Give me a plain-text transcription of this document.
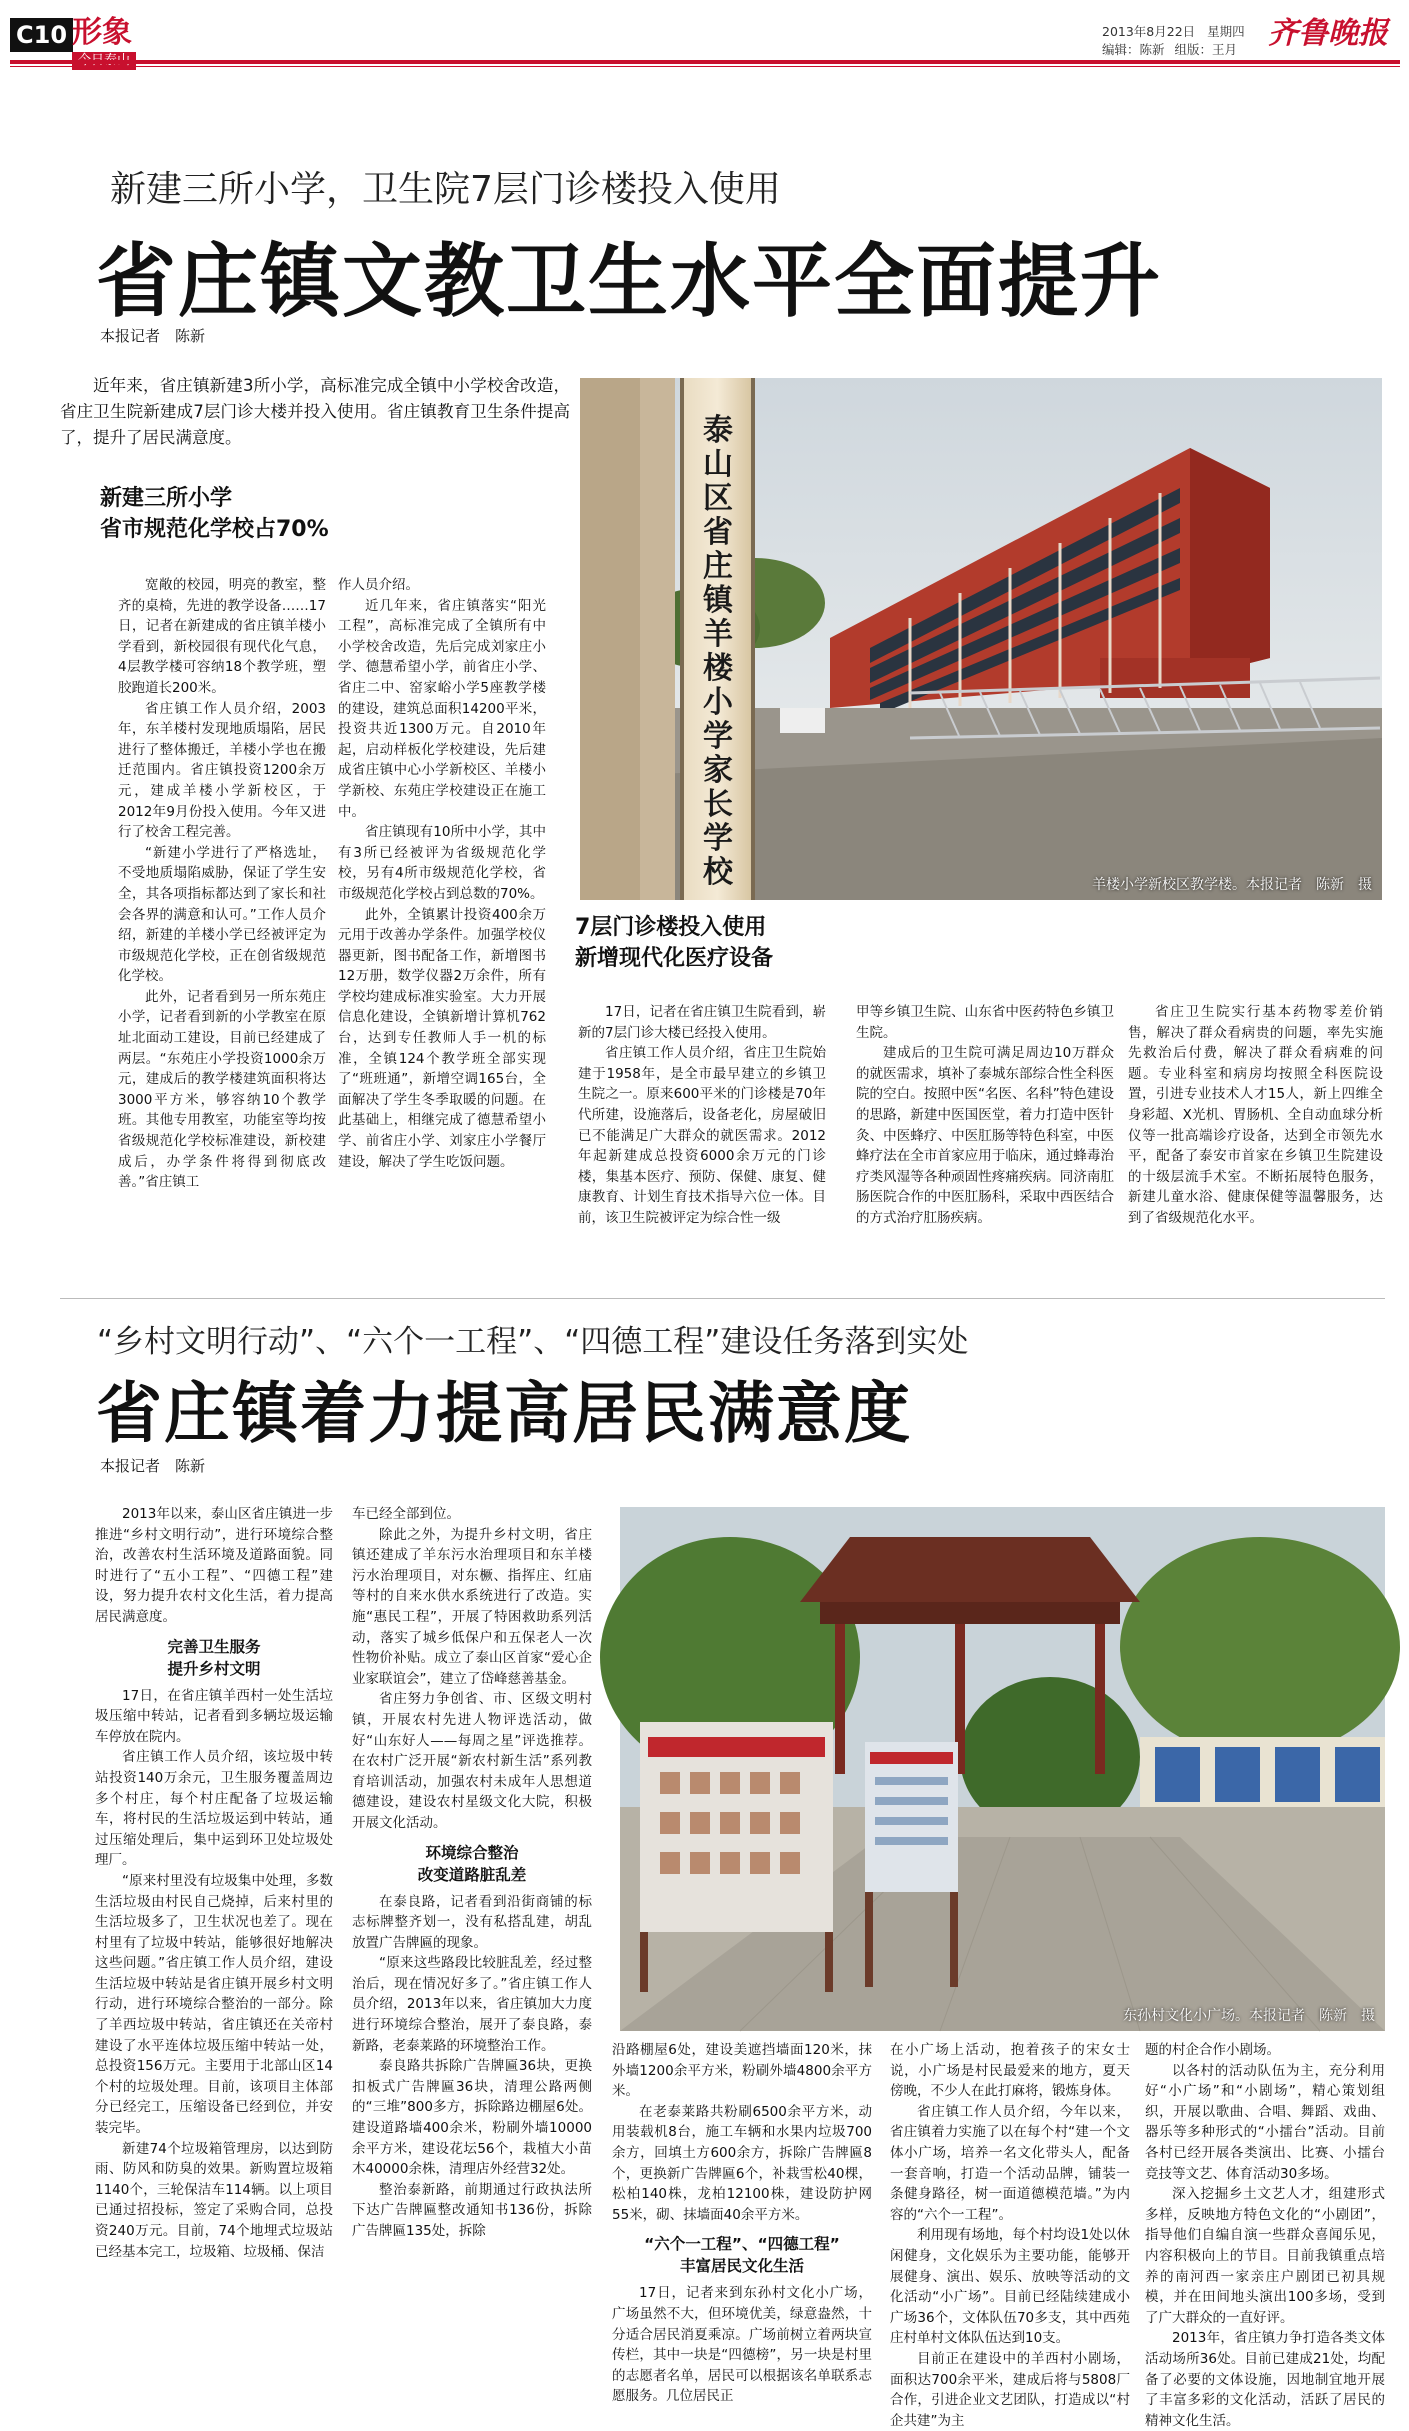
C10 形象	2013年8月22日 星期四
编辑：陈新 组版：王月 齐鲁晚报
新建三所小学，卫生院7层门诊楼投入使用
省庄镇文教卫生水平全面提升
本报记者　陈新

近年来，省庄镇新建3所小学，高标准完成全镇中小学校舍改造，省庄卫生院新建成7层门诊大楼并投入使用。省庄镇教育卫生条件提高了，提升了居民满意度。

新建三所小学
省市规范化学校占70%

宽敞的校园，明亮的教室，整齐的桌椅，先进的教学设备……17日，记者在新建成的省庄镇羊楼小学看到，新校园很有现代化气息，4层教学楼可容纳18个教学班，塑胶跑道长200米。

省庄镇工作人员介绍，2003年，东羊楼村发现地质塌陷，居民进行了整体搬迁，羊楼小学也在搬迁范围内。省庄镇投资1200余万元，建成羊楼小学新校区，于2012年9月份投入使用。今年又进行了校舍工程完善。

“新建小学进行了严格选址，不受地质塌陷威胁，保证了学生安全，其各项指标都达到了家长和社会各界的满意和认可。”工作人员介绍，新建的羊楼小学已经被评定为市级规范化学校，正在创省级规范化学校。

此外，记者看到另一所东苑庄小学，记者看到新的小学教室在原址北面动工建设，目前已经建成了两层。“东苑庄小学投资1000余万元，建成后的教学楼建筑面积将达3000平方米，够容纳10个教学班。其他专用教室，功能室等均按省级规范化学校标准建设，新校建成后，办学条件将得到彻底改善。”省庄镇工

作人员介绍。

近几年来，省庄镇落实“阳光工程”，高标准完成了全镇所有中小学校舍改造，先后完成刘家庄小学、德慧希望小学，前省庄小学、省庄二中、窑家峪小学5座教学楼的建设，建筑总面积14200平米，投资共近1300万元。自2010年起，启动样板化学校建设，先后建成省庄镇中心小学新校区、羊楼小学新校、东苑庄学校建设正在施工中。

省庄镇现有10所中小学，其中有3所已经被评为省级规范化学校，另有4所市级规范化学校，省市级规范化学校占到总数的70%。

此外，全镇累计投资400余万元用于改善办学条件。加强学校仪器更新，图书配备工作，新增图书12万册，数学仪器2万余件，所有学校均建成标准实验室。大力开展信息化建设，全镇新增计算机762台，达到专任教师人手一机的标准，全镇124个教学班全部实现了“班班通”，新增空调165台，全面解决了学生冬季取暖的问题。在此基础上，相继完成了德慧希望小学、前省庄小学、刘家庄小学餐厅建设，解决了学生吃饭问题。

泰山区省庄镇羊楼小学家长学校	羊楼小学新校区教学楼。本报记者　陈新　摄
7层门诊楼投入使用
新增现代化医疗设备

17日，记者在省庄镇卫生院看到，崭新的7层门诊大楼已经投入使用。

省庄镇工作人员介绍，省庄卫生院始建于1958年，是全市最早建立的乡镇卫生院之一。原来600平米的门诊楼是70年代所建，设施落后，设备老化，房屋破旧已不能满足广大群众的就医需求。2012年起新建成总投资6000余万元的门诊楼，集基本医疗、预防、保健、康复、健康教育、计划生育技术指导六位一体。目前，该卫生院被评定为综合性一级

甲等乡镇卫生院、山东省中医药特色乡镇卫生院。

建成后的卫生院可满足周边10万群众的就医需求，填补了泰城东部综合性全科医院的空白。按照中医“名医、名科”特色建设的思路，新建中医国医堂，着力打造中医针灸、中医蜂疗、中医肛肠等特色科室，中医蜂疗法在全市首家应用于临床，通过蜂毒治疗类风湿等各种顽固性疼痛疾病。同济南肛肠医院合作的中医肛肠科，采取中西医结合的方式治疗肛肠疾病。

省庄卫生院实行基本药物零差价销售，解决了群众看病贵的问题，率先实施先救治后付费，解决了群众看病难的问题。专业科室和病房均按照全科医院设置，引进专业技术人才15人，新上四维全身彩超、X光机、胃肠机、全自动血球分析仪等一批高端诊疗设备，达到全市领先水平，配备了泰安市首家在乡镇卫生院建设的十级层流手术室。不断拓展特色服务，新建儿童水浴、健康保健等温馨服务，达到了省级规范化水平。

“乡村文明行动”、“六个一工程”、“四德工程”建设任务落到实处
省庄镇着力提高居民满意度
本报记者　陈新

2013年以来，泰山区省庄镇进一步推进“乡村文明行动”，进行环境综合整治，改善农村生活环境及道路面貌。同时进行了“五小工程”、“四德工程”建设，努力提升农村文化生活，着力提高居民满意度。

完善卫生服务
提升乡村文明

17日，在省庄镇羊西村一处生活垃圾压缩中转站，记者看到多辆垃圾运输车停放在院内。

省庄镇工作人员介绍，该垃圾中转站投资140万余元，卫生服务覆盖周边多个村庄，每个村庄配备了垃圾运输车，将村民的生活垃圾运到中转站，通过压缩处理后，集中运到环卫处垃圾处理厂。

“原来村里没有垃圾集中处理，多数生活垃圾由村民自己烧掉，后来村里的生活垃圾多了，卫生状况也差了。现在村里有了垃圾中转站，能够很好地解决这些问题。”省庄镇工作人员介绍，建设生活垃圾中转站是省庄镇开展乡村文明行动，进行环境综合整治的一部分。除了羊西垃圾中转站，省庄镇还在关帝村建设了水平连体垃圾压缩中转站一处，总投资156万元。主要用于北部山区14个村的垃圾处理。目前，该项目主体部分已经完工，压缩设备已经到位，并安装完毕。

新建74个垃圾箱管理房，以达到防雨、防风和防臭的效果。新购置垃圾箱1140个，三轮保洁车114辆。以上项目已通过招投标，签定了采购合同，总投资240万元。目前，74个地埋式垃圾站已经基本完工，垃圾箱、垃圾桶、保洁

车已经全部到位。

除此之外，为提升乡村文明，省庄镇还建成了羊东污水治理项目和东羊楼污水治理项目，对东橛、指挥庄、红庙等村的自来水供水系统进行了改造。实施“惠民工程”，开展了特困救助系列活动，落实了城乡低保户和五保老人一次性物价补贴。成立了泰山区首家“爱心企业家联谊会”，建立了岱峰慈善基金。

省庄努力争创省、市、区级文明村镇，开展农村先进人物评选活动，做好“山东好人——每周之星”评选推荐。在农村广泛开展“新农村新生活”系列教育培训活动，加强农村未成年人思想道德建设，建设农村星级文化大院，积极开展文化活动。

环境综合整治
改变道路脏乱差

在泰良路，记者看到沿街商铺的标志标牌整齐划一，没有私搭乱建，胡乱放置广告牌匾的现象。

“原来这些路段比较脏乱差，经过整治后，现在情况好多了。”省庄镇工作人员介绍，2013年以来，省庄镇加大力度进行环境综合整治，展开了泰良路，泰新路，老泰莱路的环境整治工作。

泰良路共拆除广告牌匾36块，更换扣板式广告牌匾36块，清理公路两侧的“三堆”800多方，拆除路边棚屋6处。建设道路墙400余米，粉刷外墙10000余平方米，建设花坛56个，栽植大小苗木40000余株，清理店外经营32处。

整治泰新路，前期通过行政执法所下达广告牌匾整改通知书136份，拆除广告牌匾135处，拆除

东孙村文化小广场。本报记者　陈新　摄

沿路棚屋6处，建设美遮挡墙面120米，抹外墙1200余平方米，粉刷外墙4800余平方米。

在老泰莱路共粉刷6500余平方米，动用装载机8台，施工车辆和水果内垃圾700余方，回填土方600余方，拆除广告牌匾8个，更换新广告牌匾6个，补栽雪松40棵，松柏140株，龙柏12100株，建设防护网55米，砌、抹墙面40余平方米。

“六个一工程”、“四德工程”
丰富居民文化生活

17日，记者来到东孙村文化小广场，广场虽然不大，但环境优美，绿意盎然，十分适合居民消夏乘凉。广场前树立着两块宣传栏，其中一块是“四德榜”，另一块是村里的志愿者名单，居民可以根据该名单联系志愿服务。几位居民正

在小广场上活动，抱着孩子的宋女士说，小广场是村民最爱来的地方，夏天傍晚，不少人在此打麻将，锻炼身体。

省庄镇工作人员介绍，今年以来，省庄镇着力实施了以在每个村“建一个文体小广场，培养一名文化带头人，配备一套音响，打造一个活动品牌，铺装一条健身路径，树一面道德模范墙。”为内容的“六个一工程”。

利用现有场地，每个村均设1处以休闲健身，文化娱乐为主要功能，能够开展健身、演出、娱乐、放映等活动的文化活动“小广场”。目前已经陆续建成小广场36个，文体队伍70多支，其中西苑庄村单村文体队伍达到10支。

目前正在建设中的羊西村小剧场，面积达700余平米，建成后将与5808厂合作，引进企业文艺团队，打造成以“村企共建”为主

题的村企合作小剧场。

以各村的活动队伍为主，充分利用好“小广场”和“小剧场”，精心策划组织，开展以歌曲、合唱、舞蹈、戏曲、器乐等多种形式的“小擂台”活动。目前各村已经开展各类演出、比赛、小擂台竞技等文艺、体育活动30多场。

深入挖掘乡土文艺人才，组建形式多样，反映地方特色文化的“小剧团”，指导他们自编自演一些群众喜闻乐见，内容积极向上的节目。目前我镇重点培养的南河西一家亲庄户剧团已初具规模，并在田间地头演出100多场，受到了广大群众的一直好评。

2013年，省庄镇力争打造各类文体活动场所36处。目前已建成21处，均配备了必要的文体设施，因地制宜地开展了丰富多彩的文化活动，活跃了居民的精神文化生活。
